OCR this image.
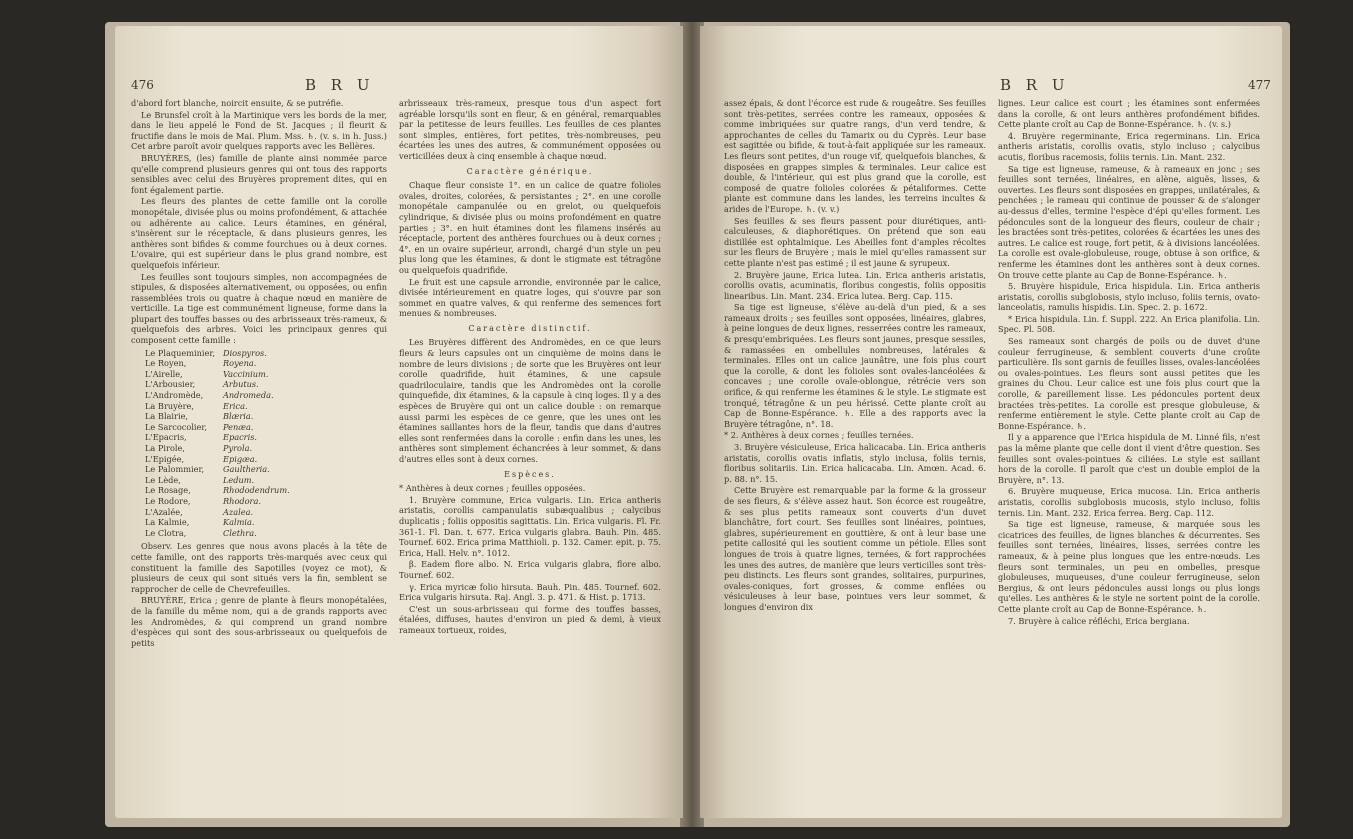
476	B R U

d'abord fort blanche, noircit ensuite, & se putréfie.

Le Brunsfel croît à la Martinique vers les bords de la mer, dans le lieu appelé le Fond de St. Jacques ; il fleurit & fructifie dans le mois de Mai. Plum. Mss. ♄. (v. s. in h. Juss.) Cet arbre paroît avoir quelques rapports avec les Bellères.

BRUYÈRES, (les) famille de plante ainsi nommée parce qu'elle comprend plusieurs genres qui ont tous des rapports sensibles avec celui des Bruyères proprement dites, qui en font également partie.

Les fleurs des plantes de cette famille ont la corolle monopétale, divisée plus ou moins profondément, & attachée ou adhérente au calice. Leurs étamines, en général, s'insèrent sur le réceptacle, & dans plusieurs genres, les anthères sont bifides & comme fourchues ou à deux cornes. L'ovaire, qui est supérieur dans le plus grand nombre, est quelquefois inférieur.

Les feuilles sont toujours simples, non accompagnées de stipules, & disposées alternativement, ou opposées, ou enfin rassemblées trois ou quatre à chaque nœud en manière de verticille. La tige est communément ligneuse, forme dans la plupart des touffes basses ou des arbrisseaux très-rameux, & quelquefois des arbres. Voici les principaux genres qui composent cette famille :

Le Plaqueminier,	Diospyros.
Le Royen,	Royena.
L'Airelle,	Vaccinium.
L'Arbousier,	Arbutus.
L'Andromède,	Andromeda.
La Bruyère,	Erica.
La Blairie,	Blæria.
Le Sarcocolier,	Penæa.
L'Epacris,	Epacris.
La Pirole,	Pyrola.
L'Epigée,	Epigæa.
Le Palommier,	Gaultheria.
Le Lède,	Ledum.
Le Rosage,	Rhododendrum.
Le Rodore,	Rhodora.
L'Azalée,	Azalea.
La Kalmie,	Kalmia.
Le Clotra,	Clethra.

Observ. Les genres que nous avons placés à la tête de cette famille, ont des rapports très-marqués avec ceux qui constituent la famille des Sapotilles (voyez ce mot), & plusieurs de ceux qui sont situés vers la fin, semblent se rapprocher de celle de Chevrefeuilles.

BRUYÈRE, Erica ; genre de plante à fleurs monopétalées, de la famille du même nom, qui a de grands rapports avec les Andromèdes, & qui comprend un grand nombre d'espèces qui sont des sous-arbrisseaux ou quelquefois de petits

arbrisseaux très-rameux, presque tous d'un aspect fort agréable lorsqu'ils sont en fleur, & en général, remarquables par la petitesse de leurs feuilles. Les feuilles de ces plantes sont simples, entières, fort petites, très-nombreuses, peu écartées les unes des autres, & communément opposées ou verticillées deux à cinq ensemble à chaque nœud.

Caractère générique.

Chaque fleur consiste 1°. en un calice de quatre folioles ovales, droites, colorées, & persistantes ; 2°. en une corolle monopétale campanulée ou en grelot, ou quelquefois cylindrique, & divisée plus ou moins profondément en quatre parties ; 3°. en huit étamines dont les filamens insérés au réceptacle, portent des anthères fourchues ou à deux cornes ; 4°. en un ovaire supérieur, arrondi, chargé d'un style un peu plus long que les étamines, & dont le stigmate est tétragône ou quelquefois quadrifide.

Le fruit est une capsule arrondie, environnée par le calice, divisée intérieurement en quatre loges, qui s'ouvre par son sommet en quatre valves, & qui renferme des semences fort menues & nombreuses.

Caractère distinctif.

Les Bruyères diffèrent des Andromèdes, en ce que leurs fleurs & leurs capsules ont un cinquième de moins dans le nombre de leurs divisions ; de sorte que les Bruyères ont leur corolle quadrifide, huit étamines, & une capsule quadriloculaire, tandis que les Andromèdes ont la corolle quinquefide, dix étamines, & la capsule à cinq loges. Il y a des espèces de Bruyère qui ont un calice double : on remarque aussi parmi les espèces de ce genre, que les unes ont les étamines saillantes hors de la fleur, tandis que dans d'autres elles sont renfermées dans la corolle : enfin dans les unes, les anthères sont simplement échancrées à leur sommet, & dans d'autres elles sont à deux cornes.

Espèces.

* Anthères à deux cornes ; feuilles opposées.

1. Bruyère commune, Erica vulgaris. Lin. Erica antheris aristatis, corollis campanulatis subæqualibus ; calycibus duplicatis ; foliis oppositis sagittatis. Lin. Erica vulgaris. Fl. Fr. 361-1. Fl. Dan. t. 677. Erica vulgaris glabra. Bauh. Pin. 485. Tournef. 602. Erica prima Matthioli. p. 132. Camer. epit. p. 75. Erica, Hall. Helv. n°. 1012.

β. Eadem flore albo. N. Erica vulgaris glabra, flore albo. Tournef. 602.

γ. Erica myricæ folio hirsuta. Bauh. Pin. 485. Tournef. 602. Erica vulgaris hirsuta. Raj. Angl. 3. p. 471. & Hist. p. 1713.

C'est un sous-arbrisseau qui forme des touffes basses, étalées, diffuses, hautes d'environ un pied & demi, à vieux rameaux tortueux, roides,

B R U	477

assez épais, & dont l'écorce est rude & rougeâtre. Ses feuilles sont très-petites, serrées contre les rameaux, opposées & comme imbriquées sur quatre rangs, d'un verd tendre, & approchantes de celles du Tamarix ou du Cyprès. Leur base est sagittée ou bifide, & tout-à-fait appliquée sur les rameaux. Les fleurs sont petites, d'un rouge vif, quelquefois blanches, & disposées en grappes simples & terminales. Leur calice est double, & l'intérieur, qui est plus grand que la corolle, est composé de quatre folioles colorées & pétaliformes. Cette plante est commune dans les landes, les terreins incultes & arides de l'Europe. ♄. (v. v.)

Ses feuilles & ses fleurs passent pour diurétiques, anti-calculeuses, & diaphorétiques. On prétend que son eau distillée est ophtalmique. Les Abeilles font d'amples récoltes sur les fleurs de Bruyère ; mais le miel qu'elles ramassent sur cette plante n'est pas estimé ; il est jaune & syrupeux.

2. Bruyère jaune, Erica lutea. Lin. Erica antheris aristatis, corollis ovatis, acuminatis, floribus congestis, foliis oppositis linearibus. Lin. Mant. 234. Erica lutea. Berg. Cap. 115.

Sa tige est ligneuse, s'élève au-delà d'un pied, & a ses rameaux droits ; ses feuilles sont opposées, linéaires, glabres, à peine longues de deux lignes, resserrées contre les rameaux, & presqu'embriquées. Les fleurs sont jaunes, presque sessiles, & ramassées en ombellules nombreuses, latérales & terminales. Elles ont un calice jaunâtre, une fois plus court que la corolle, & dont les folioles sont ovales-lancéolées & concaves ; une corolle ovale-oblongue, rétrécie vers son orifice, & qui renferme les étamines & le style. Le stigmate est tronqué, tétragône & un peu hérissé. Cette plante croît au Cap de Bonne-Espérance. ♄. Elle a des rapports avec la Bruyère tétragône, n°. 18.

* 2. Anthères à deux cornes ; feuilles ternées.

3. Bruyère vésiculeuse, Erica halicacaba. Lin. Erica antheris aristatis, corollis ovatis inflatis, stylo inclusa, foliis ternis, floribus solitariis. Lin. Erica halicacaba. Lin. Amœn. Acad. 6. p. 88. n°. 15.

Cette Bruyère est remarquable par la forme & la grosseur de ses fleurs, & s'élève assez haut. Son écorce est rougeâtre, & ses plus petits rameaux sont couverts d'un duvet blanchâtre, fort court. Ses feuilles sont linéaires, pointues, glabres, supérieurement en gouttière, & ont à leur base une petite callosité qui les soutient comme un pétiole. Elles sont longues de trois à quatre lignes, ternées, & fort rapprochées les unes des autres, de manière que leurs verticilles sont très-peu distincts. Les fleurs sont grandes, solitaires, purpurines, ovales-coniques, fort grosses, & comme enflées ou vésiculeuses à leur base, pointues vers leur sommet, & longues d'environ dix

lignes. Leur calice est court ; les étamines sont enfermées dans la corolle, & ont leurs anthères profondément bifides. Cette plante croît au Cap de Bonne-Espérance. ♄. (v. s.)

4. Bruyère regerminante, Erica regerminans. Lin. Erica antheris aristatis, corollis ovatis, stylo incluso ; calycibus acutis, floribus racemosis, foliis ternis. Lin. Mant. 232.

Sa tige est ligneuse, rameuse, & à rameaux en jonc ; ses feuilles sont ternées, linéaires, en alène, aiguës, lisses, & ouvertes. Les fleurs sont disposées en grappes, unilatérales, & penchées ; le rameau qui continue de pousser & de s'alonger au-dessus d'elles, termine l'espèce d'épi qu'elles forment. Les pédoncules sont de la longueur des fleurs, couleur de chair ; les bractées sont très-petites, colorées & écartées les unes des autres. Le calice est rouge, fort petit, & à divisions lancéolées. La corolle est ovale-globuleuse, rouge, obtuse à son orifice, & renferme les étamines dont les anthères sont à deux cornes. On trouve cette plante au Cap de Bonne-Espérance. ♄.

5. Bruyère hispidule, Erica hispidula. Lin. Erica antheris aristatis, corollis subglobosis, stylo incluso, foliis ternis, ovato-lanceolatis, ramulis hispidis. Lin. Spec. 2. p. 1672.

* Erica hispidula. Lin. f. Suppl. 222. An Erica planifolia. Lin. Spec. Pl. 508.

Ses rameaux sont chargés de poils ou de duvet d'une couleur ferrugineuse, & semblent couverts d'une croûte particulière. Ils sont garnis de feuilles lisses, ovales-lancéolées ou ovales-pointues. Les fleurs sont aussi petites que les graines du Chou. Leur calice est une fois plus court que la corolle, & pareillement lisse. Les pédoncules portent deux bractées très-petites. La corolle est presque globuleuse, & renferme entièrement le style. Cette plante croît au Cap de Bonne-Espérance. ♄.

Il y a apparence que l'Erica hispidula de M. Linné fils, n'est pas la même plante que celle dont il vient d'être question. Ses feuilles sont ovales-pointues & ciliées. Le style est saillant hors de la corolle. Il paroît que c'est un double emploi de la Bruyère, n°. 13.

6. Bruyère muqueuse, Erica mucosa. Lin. Erica antheris aristatis, corollis subglobosis mucosis, stylo incluso, foliis ternis. Lin. Mant. 232. Erica ferrea. Berg. Cap. 112.

Sa tige est ligneuse, rameuse, & marquée sous les cicatrices des feuilles, de lignes blanches & décurrentes. Ses feuilles sont ternées, linéaires, lisses, serrées contre les rameaux, & à peine plus longues que les entre-nœuds. Les fleurs sont terminales, un peu en ombelles, presque globuleuses, muqueuses, d'une couleur ferrugineuse, selon Bergius, & ont leurs pédoncules aussi longs ou plus longs qu'elles. Les anthères & le style ne sortent point de la corolle. Cette plante croît au Cap de Bonne-Espérance. ♄.

7. Bruyère à calice réfléchi, Erica bergiana.
